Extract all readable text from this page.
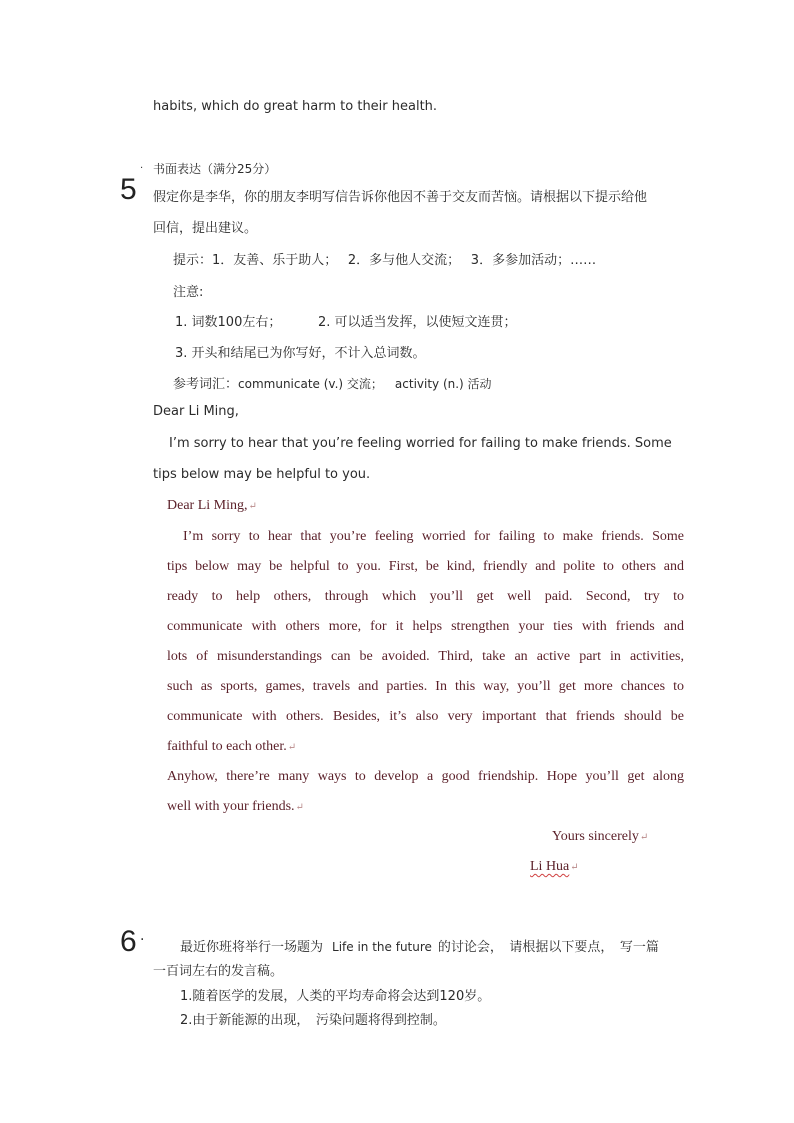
habits, which do great harm to their health.
.
5
书面表达（满分25分）
假定你是李华，你的朋友李明写信告诉你他因不善于交友而苦恼。请根据以下提示给他
回信，提出建议。
提示：1．友善、乐于助人；　 2．多与他人交流；　 3．多参加活动；……
注意:
1. 词数100左右；	2. 可以适当发挥，以使短文连贯；
3. 开头和结尾已为你写好，不计入总词数。
参考词汇：communicate (v.) 交流； activity (n.) 活动
Dear Li Ming,
I’m sorry to hear that you’re feeling worried for failing to make friends. Some
tips below may be helpful to you.
Dear Li Ming,↵
I’m sorry to hear that you’re feeling worried for failing to make friends. Some
tips below may be helpful to you. First, be kind, friendly and polite to others and
ready to help others, through which you’ll get well paid. Second, try to
communicate with others more, for it helps strengthen your ties with friends and
lots of misunderstandings can be avoided. Third, take an active part in activities,
such as sports, games, travels and parties. In this way, you’ll get more chances to
communicate with others. Besides, it’s also very important that friends should be
faithful to each other.↵
Anyhow, there’re many ways to develop a good friendship. Hope you’ll get along
well with your friends.↵
Yours sincerely↵
Li Hua↵
6 ·	最近你班将举行一场题为 Life in the future 的讨论会，　请根据以下要点，　写一篇
一百词左右的发言稿。
1.随着医学的发展，人类的平均寿命将会达到120岁。
2.由于新能源的出现，　污染问题将得到控制。
